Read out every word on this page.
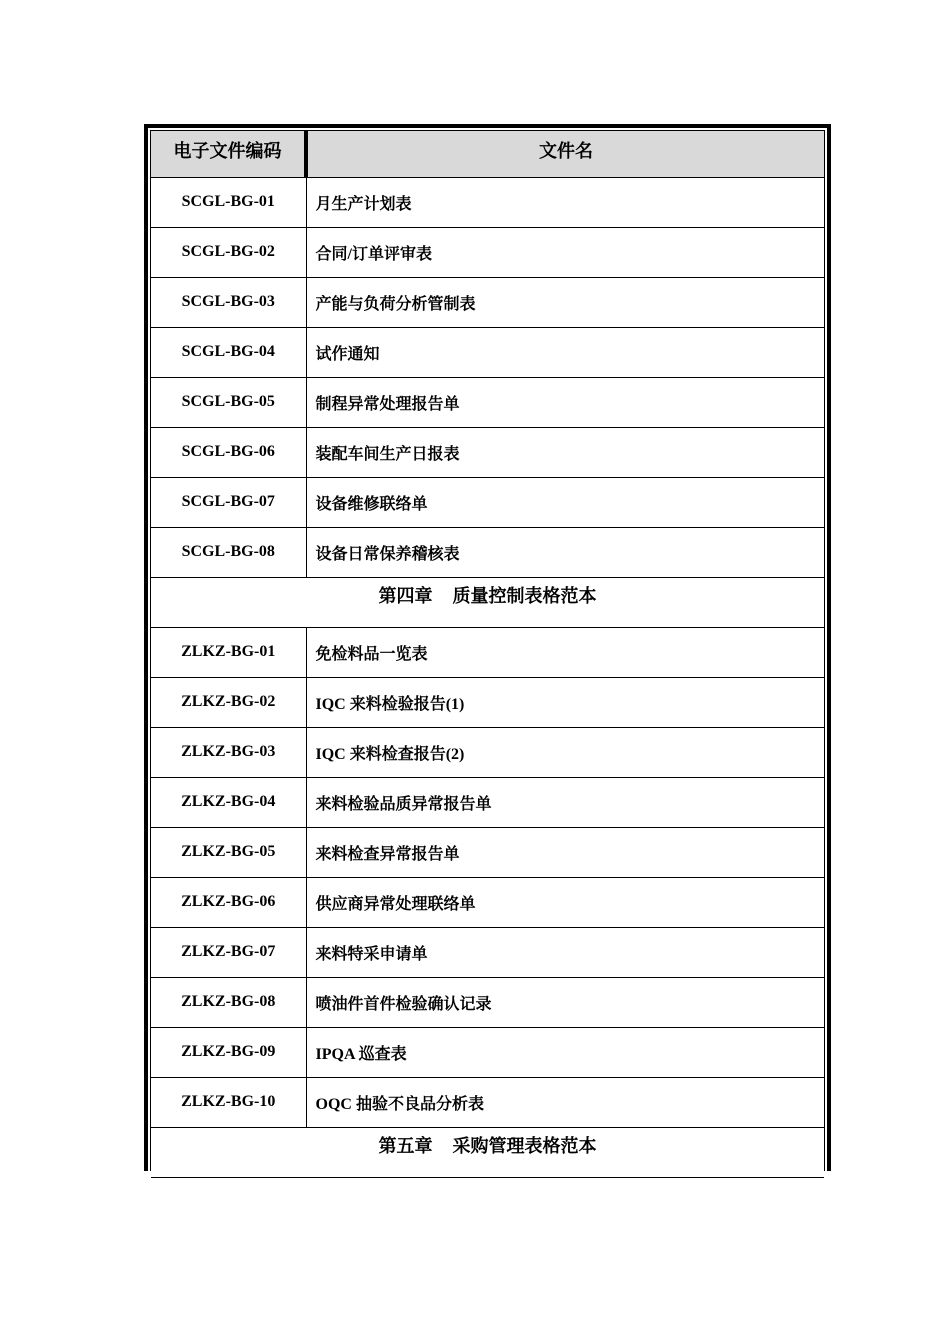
电子文件编码	文件名
SCGL-BG-01	月生产计划表
SCGL-BG-02	合同/订单评审表
SCGL-BG-03	产能与负荷分析管制表
SCGL-BG-04	试作通知
SCGL-BG-05	制程异常处理报告单
SCGL-BG-06	装配车间生产日报表
SCGL-BG-07	设备维修联络单
SCGL-BG-08	设备日常保养稽核表
第四章 质量控制表格范本	
ZLKZ-BG-01	免检料品一览表
ZLKZ-BG-02	IQC 来料检验报告(1)
ZLKZ-BG-03	IQC 来料检查报告(2)
ZLKZ-BG-04	来料检验品质异常报告单
ZLKZ-BG-05	来料检查异常报告单
ZLKZ-BG-06	供应商异常处理联络单
ZLKZ-BG-07	来料特采申请单
ZLKZ-BG-08	喷油件首件检验确认记录
ZLKZ-BG-09	IPQA 巡查表
ZLKZ-BG-10	OQC 抽验不良品分析表
第五章 采购管理表格范本	
